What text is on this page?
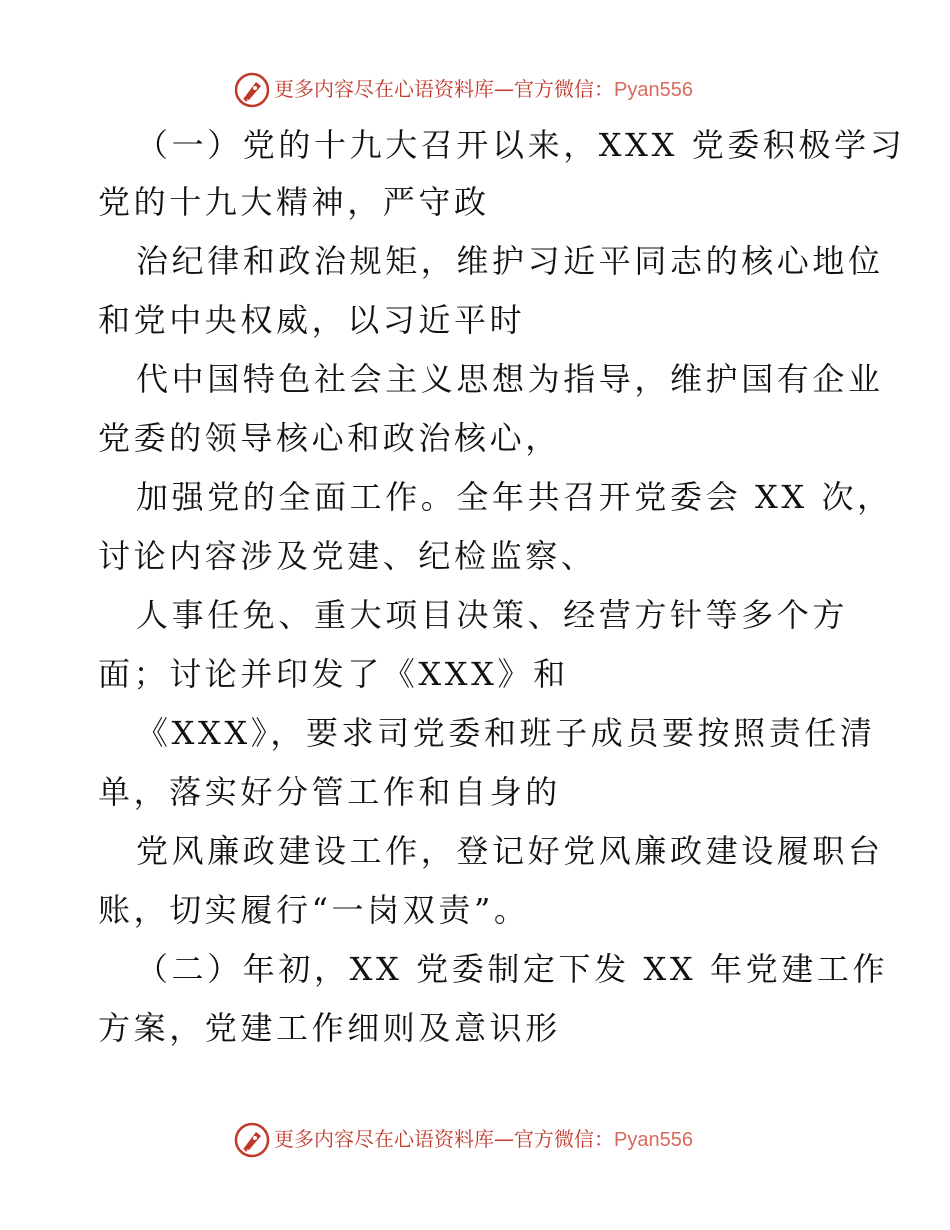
更多内容尽在心语资料库—官方微信：Pyan556
（一）党的十九大召开以来，XXX 党委积极学习
党的十九大精神，严守政
治纪律和政治规矩，维护习近平同志的核心地位
和党中央权威，以习近平时
代中国特色社会主义思想为指导，维护国有企业
党委的领导核心和政治核心，
加强党的全面工作。全年共召开党委会 XX 次，
讨论内容涉及党建、纪检监察、
人事任免、重大项目决策、经营方针等多个方
面；讨论并印发了《XXX》和
《XXX》，要求司党委和班子成员要按照责任清
单，落实好分管工作和自身的
党风廉政建设工作，登记好党风廉政建设履职台
账，切实履行“一岗双责”。
（二）年初，XX 党委制定下发 XX 年党建工作
方案，党建工作细则及意识形
更多内容尽在心语资料库—官方微信：Pyan556
